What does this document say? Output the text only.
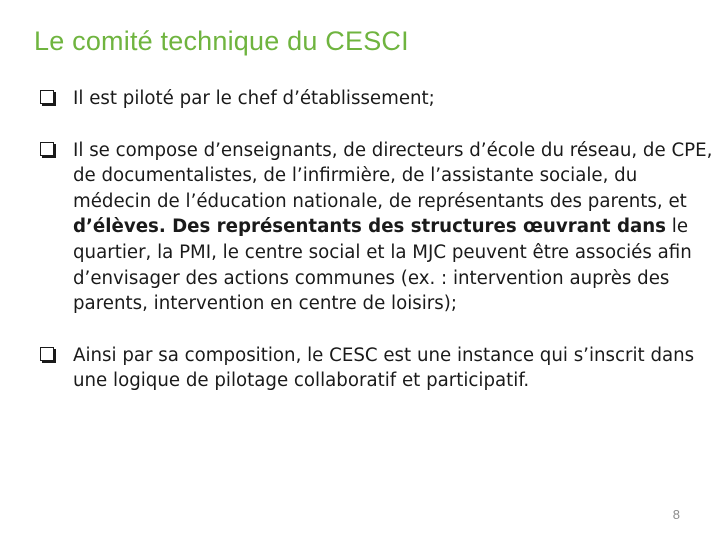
Le comité technique du CESCI
Il est piloté par le chef d’établissement;
Il se compose d’enseignants, de directeurs d’école du réseau, de CPE, de documentalistes, de l’infirmière, de l’assistante sociale, du médecin de l’éducation nationale, de représentants des parents, et d’élèves. Des représentants des structures œuvrant dans le quartier, la PMI, le centre social et la MJC peuvent être associés afin d’envisager des actions communes (ex. : intervention auprès des parents, intervention en centre de loisirs);
Ainsi par sa composition, le CESC est une instance qui s’inscrit dans une logique de pilotage collaboratif et participatif.
8
